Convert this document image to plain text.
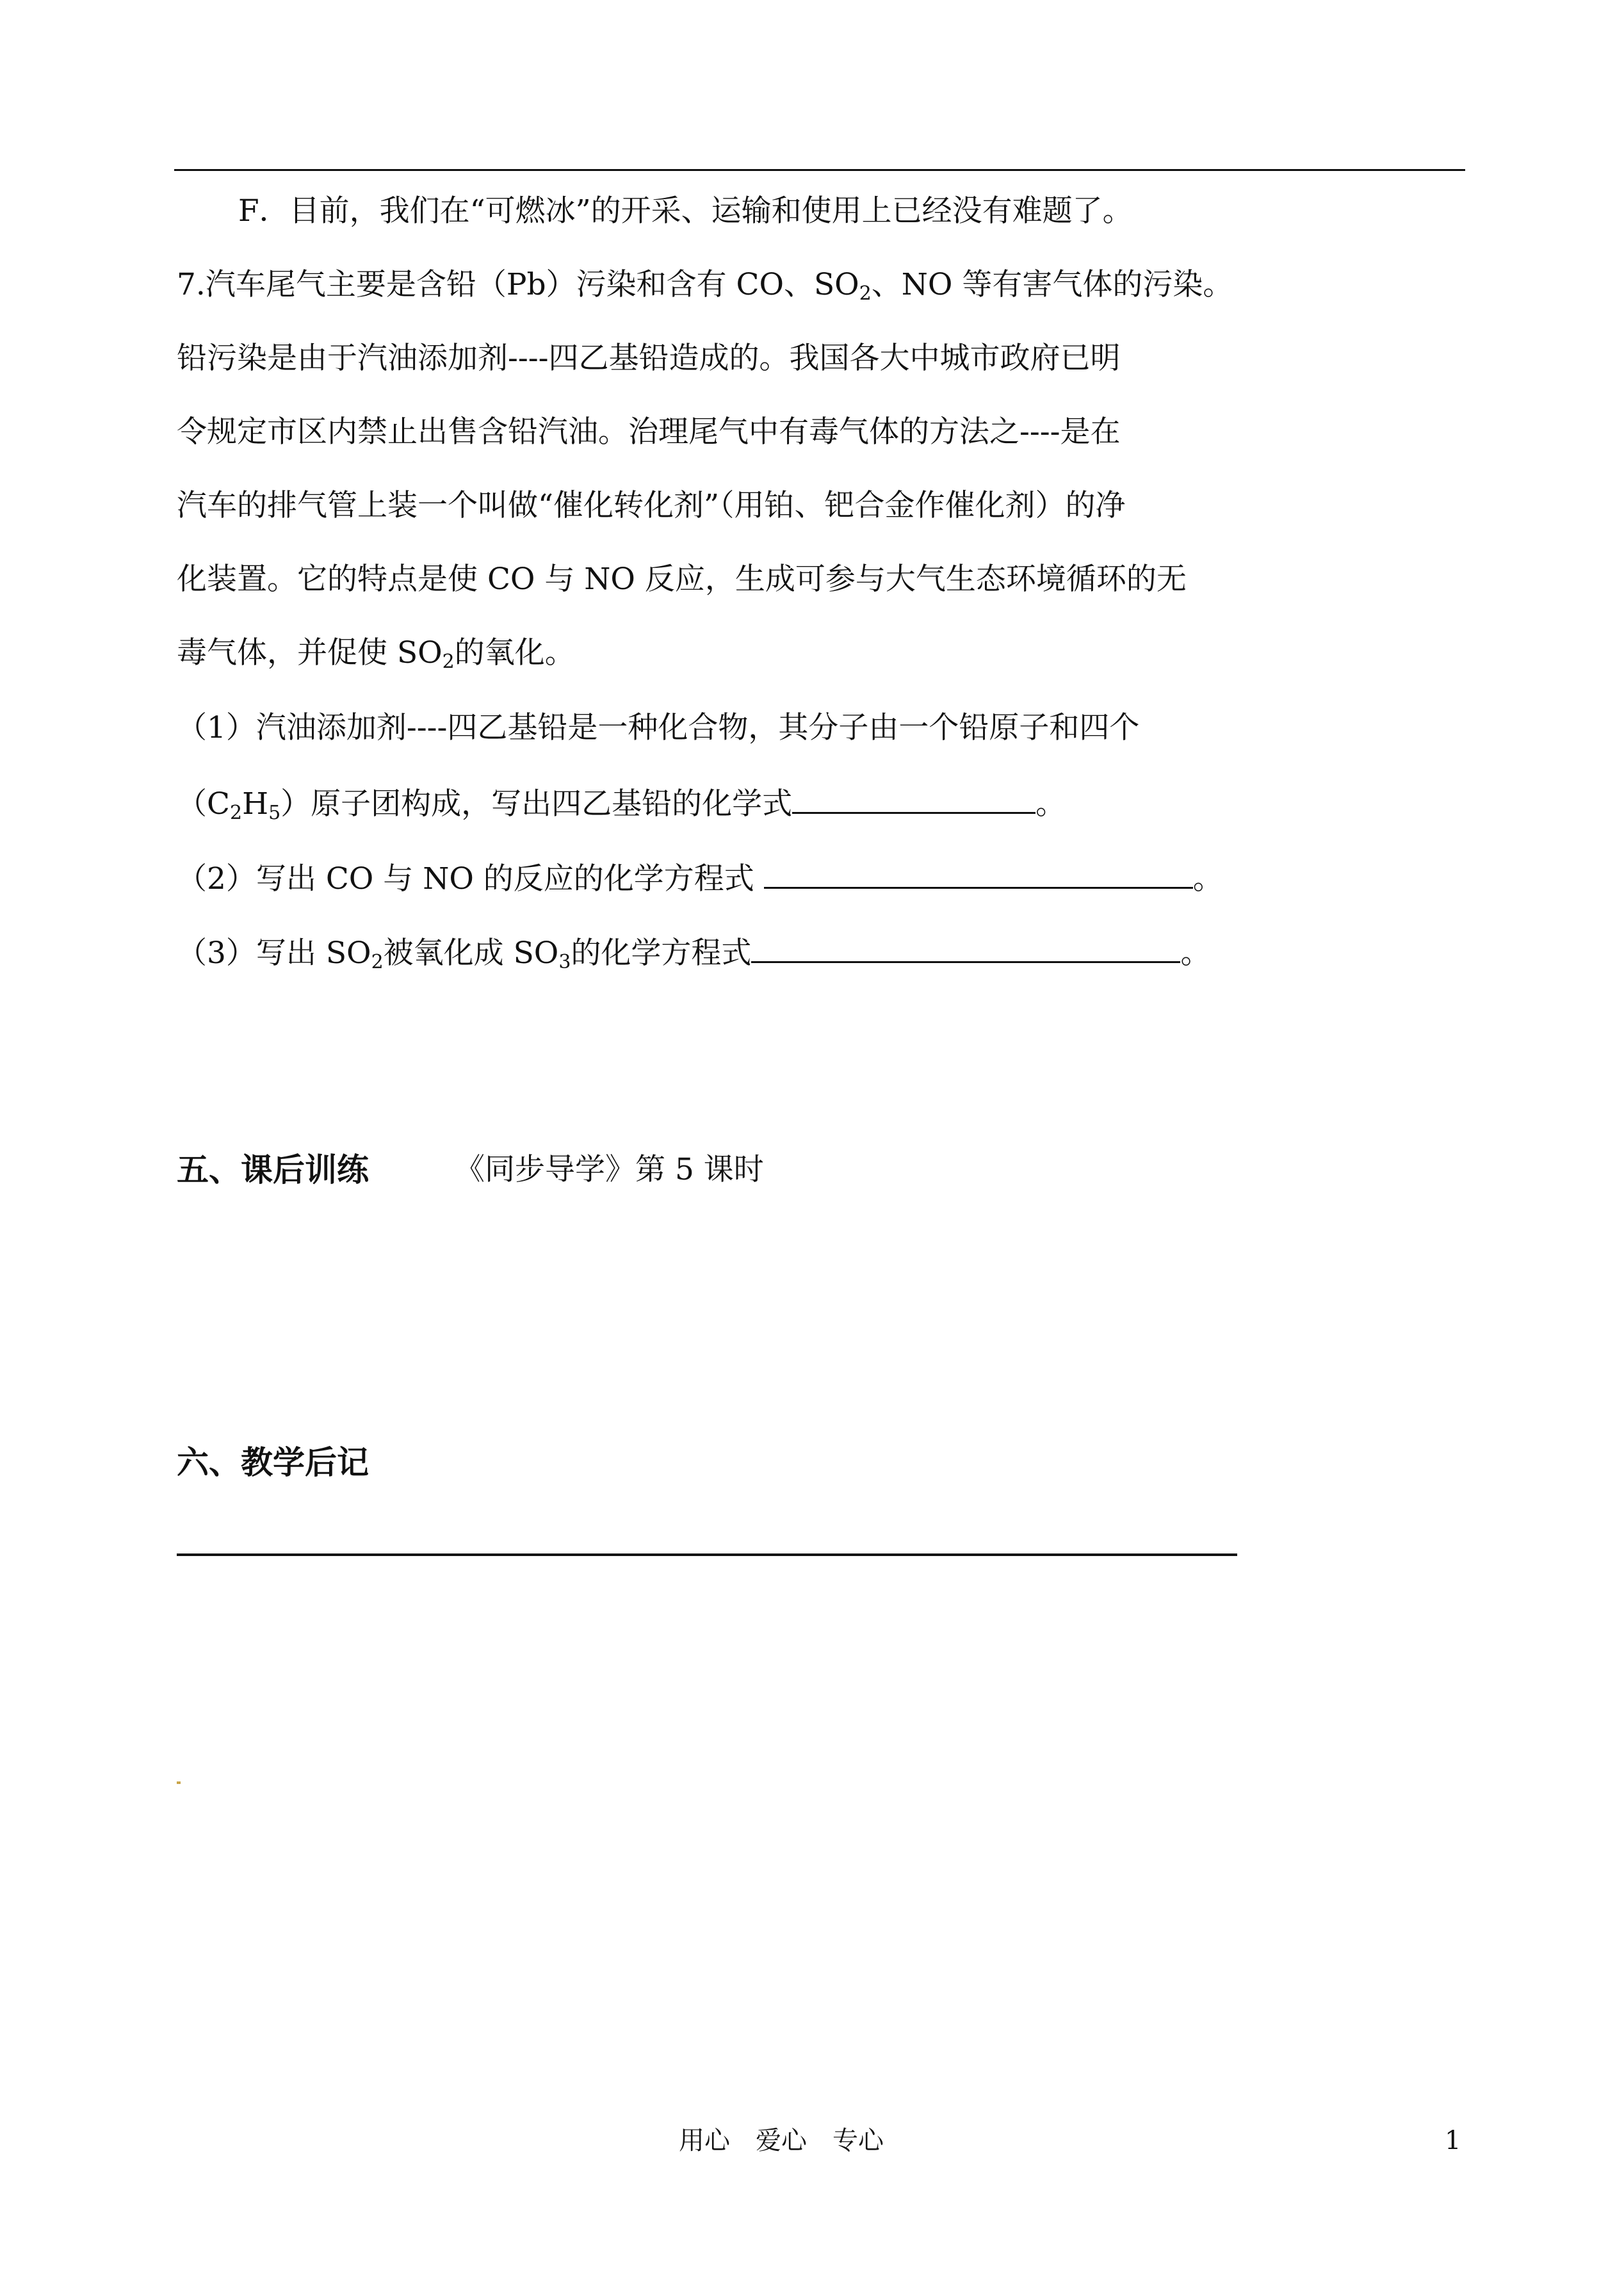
F．目前，我们在“可燃冰”的开采、运输和使用上已经没有难题了。
7.汽车尾气主要是含铅（Pb）污染和含有 CO、$SO_2$、NO 等有害气体的污染。
铅污染是由于汽油添加剂----四乙基铅造成的。我国各大中城市政府已明
令规定市区内禁止出售含铅汽油。治理尾气中有毒气体的方法之----是在
汽车的排气管上装一个叫做“催化转化剂”（用铂、钯合金作催化剂）的净
化装置。它的特点是使 CO 与 NO 反应，生成可参与大气生态环境循环的无
毒气体，并促使 $SO_2$的氧化。
（1）汽油添加剂----四乙基铅是一种化合物，其分子由一个铅原子和四个
$(C_2H_5)$原子团构成，写出四乙基铅的化学式	。
（2）写出 CO 与 NO 的反应的化学方程式	。
（3）写出 $SO_2$被氧化成 $SO_3$的化学方程式	。
五、课后训练	《同步导学》第 5 课时
六、教学后记
用心　爱心　专心	1
